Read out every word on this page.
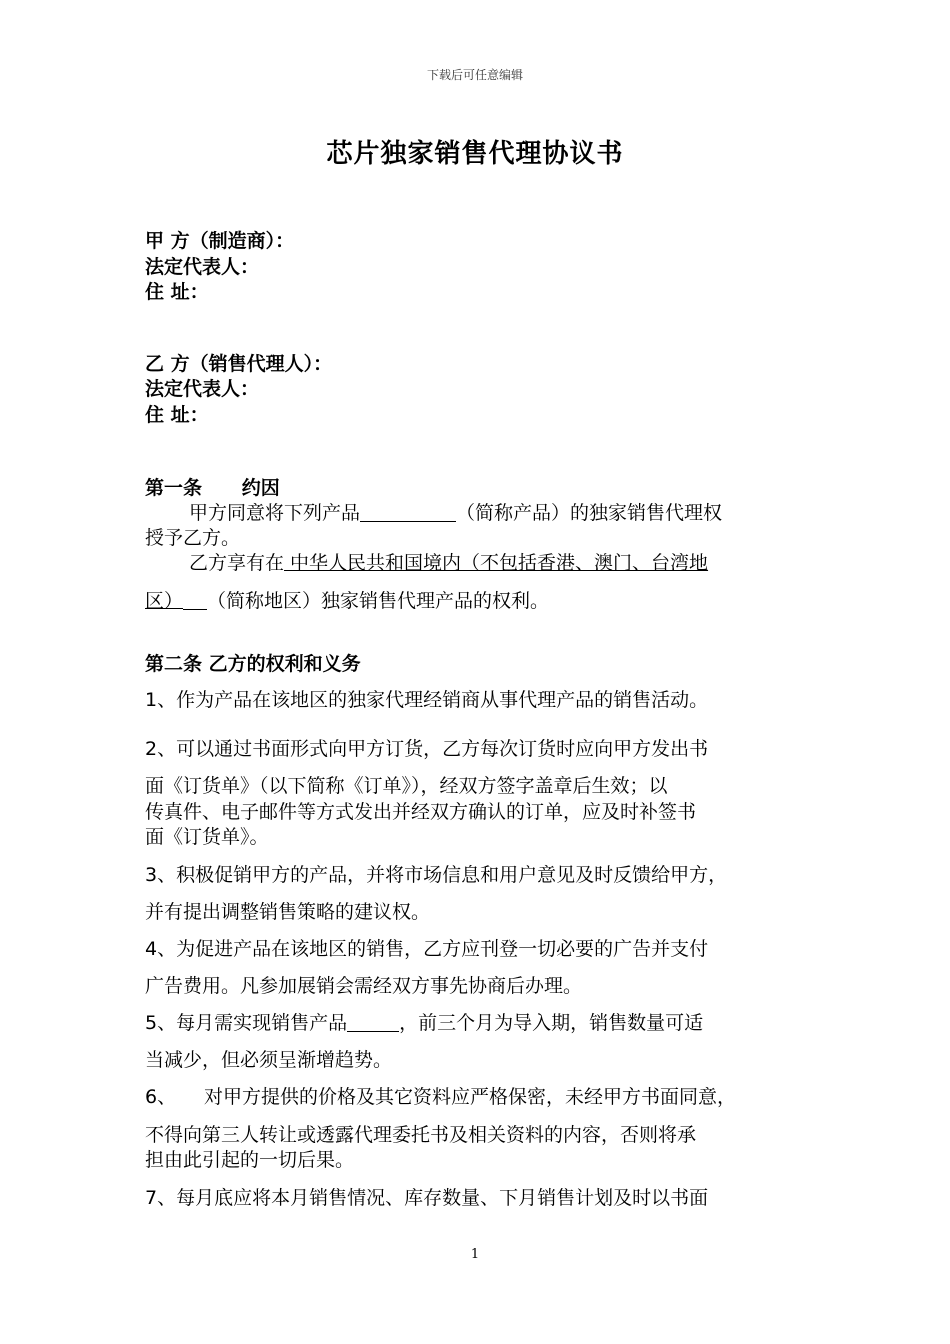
下载后可任意编辑
芯片独家销售代理协议书
甲 方（制造商）：
法定代表人：
住 址：
乙 方（销售代理人）：
法定代表人：
住 址：
第一条      约因
甲方同意将下列产品	（简称产品）的独家销售代理权
授予乙方。
乙方享有在 中华人民共和国境内（不包括香港、澳门、台湾地
区） （简称地区）独家销售代理产品的权利。
第二条 乙方的权利和义务
1、作为产品在该地区的独家代理经销商从事代理产品的销售活动。
2、可以通过书面形式向甲方订货，乙方每次订货时应向甲方发出书
面《订货单》（以下简称《订单》），经双方签字盖章后生效；以
传真件、电子邮件等方式发出并经双方确认的订单，应及时补签书
面《订货单》。
3、积极促销甲方的产品，并将市场信息和用户意见及时反馈给甲方，
并有提出调整销售策略的建议权。
4、为促进产品在该地区的销售，乙方应刊登一切必要的广告并支付
广告费用。凡参加展销会需经双方事先协商后办理。
5、每月需实现销售产品	，前三个月为导入期，销售数量可适
当减少，但必须呈渐增趋势。
6、 对甲方提供的价格及其它资料应严格保密，未经甲方书面同意，
不得向第三人转让或透露代理委托书及相关资料的内容，否则将承
担由此引起的一切后果。
7、每月底应将本月销售情况、库存数量、下月销售计划及时以书面
1
